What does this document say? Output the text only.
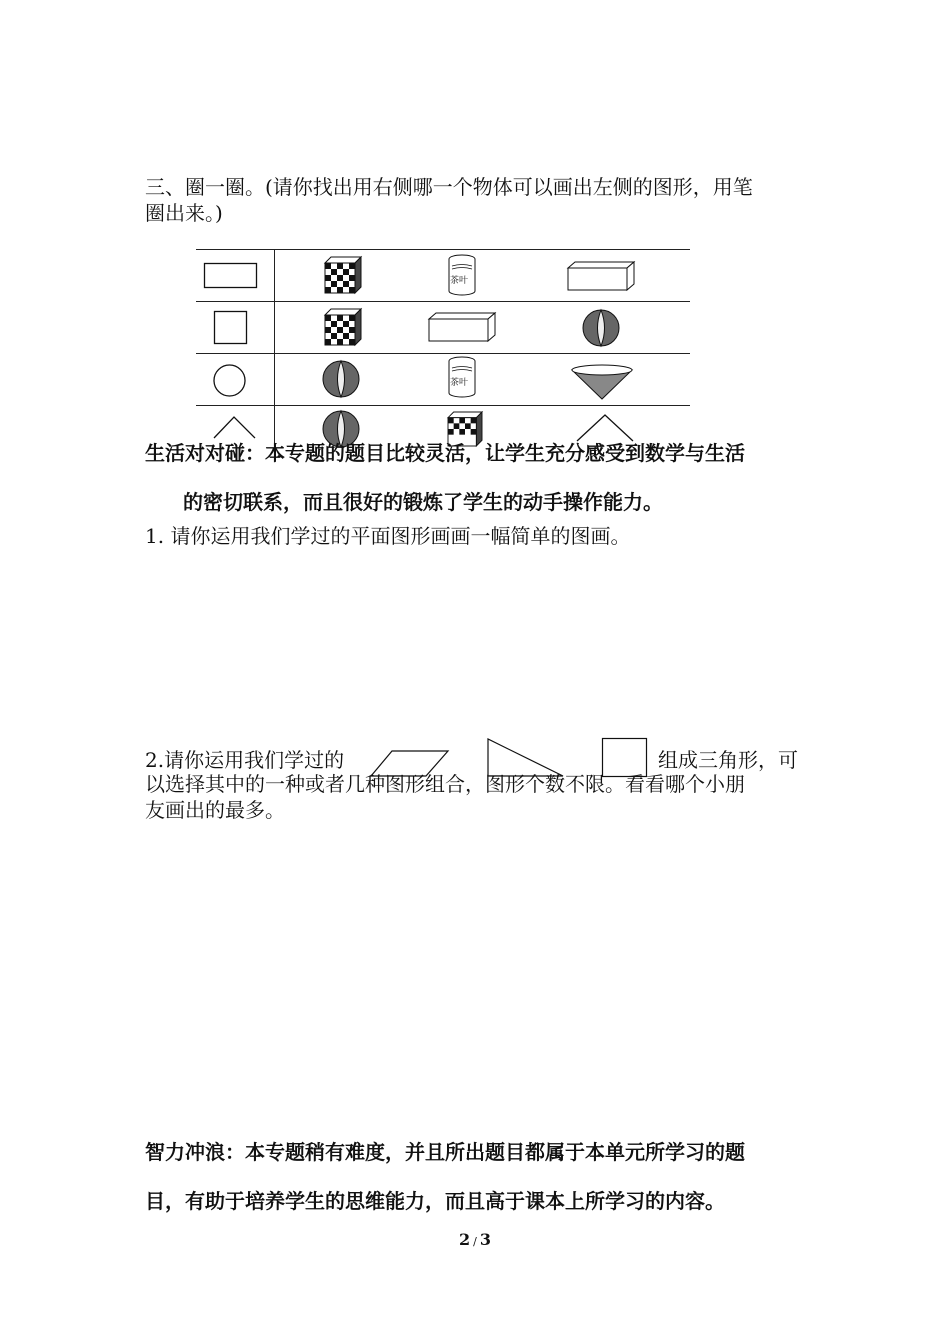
三、圈一圈。(请你找出用右侧哪一个物体可以画出左侧的图形，用笔
圈出来。)
茶叶
茶叶
生活对对碰：本专题的题目比较灵活，让学生充分感受到数学与生活
的密切联系，而且很好的锻炼了学生的动手操作能力。
1. 请你运用我们学过的平面图形画画一幅简单的图画。
2.请你运用我们学过的	组成三角形，可
以选择其中的一种或者几种图形组合，图形个数不限。看看哪个小朋
友画出的最多。
智力冲浪：本专题稍有难度，并且所出题目都属于本单元所学习的题
目，有助于培养学生的思维能力，而且高于课本上所学习的内容。
2 / 3
